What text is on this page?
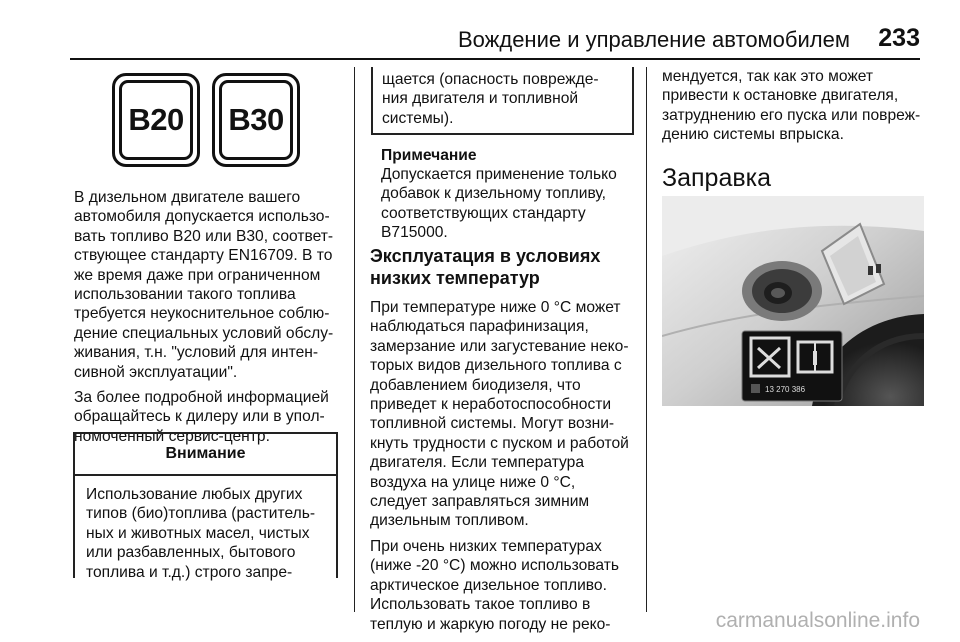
Вождение и управление автомобилем 233
B20	B30

В дизельном двигателе вашего
автомобиля допускается использо-
вать топливо B20 или B30, соответ-
ствующее стандарту EN16709. В то
же время даже при ограниченном
использовании такого топлива
требуется неукоснительное соблю-
дение специальных условий обслу-
живания, т.н. "условий для интен-
сивной эксплуатации".

За более подробной информацией
обращайтесь к дилеру или в упол-
номоченный сервис-центр.

Внимание
Использование любых других
типов (био)топлива (раститель-
ных и животных масел, чистых
или разбавленных, бытового
топлива и т.д.) строго запре-
щается (опасность поврежде-
ния двигателя и топливной
системы).
Примечание

Допускается применение только
добавок к дизельному топливу,
соответствующих стандарту
B715000.

Эксплуатация в условиях
низких температур

При температуре ниже 0 °C может
наблюдаться парафинизация,
замерзание или загустевание неко-
торых видов дизельного топлива с
добавлением биодизеля, что
приведет к неработоспособности
топливной системы. Могут возни-
кнуть трудности с пуском и работой
двигателя. Если температура
воздуха на улице ниже 0 °C,
следует заправляться зимним
дизельным топливом.

При очень низких температурах
(ниже -20 °C) можно использовать
арктическое дизельное топливо.
Использовать такое топливо в
теплую и жаркую погоду не реко-

мендуется, так как это может
привести к остановке двигателя,
затруднению его пуска или повреж-
дению системы впрыска.

Заправка
13 270 386
carmanualsonline.info
